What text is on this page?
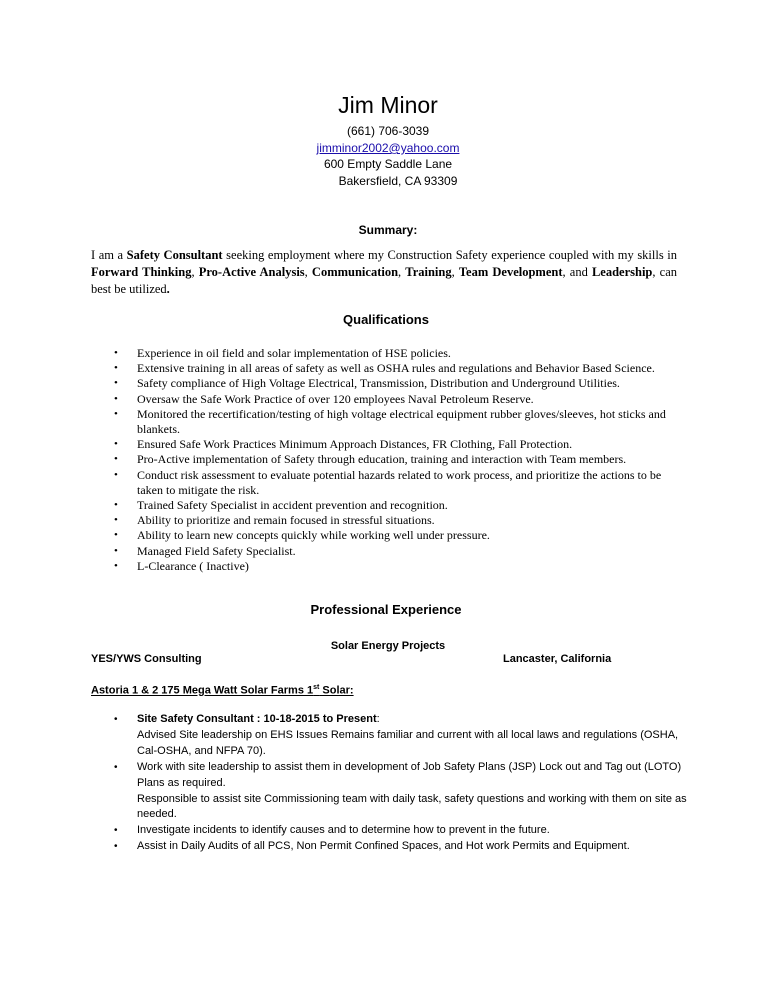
Jim Minor
(661) 706-3039
jimminor2002@yahoo.com
600 Empty Saddle Lane
Bakersfield, CA 93309
Summary:
I am a Safety Consultant seeking employment where my Construction Safety experience coupled with my skills in Forward Thinking, Pro-Active Analysis, Communication, Training, Team Development, and Leadership, can best be utilized.
Qualifications
• Experience in oil field and solar implementation of HSE policies.
• Extensive training in all areas of safety as well as OSHA rules and regulations and Behavior Based Science.
• Safety compliance of High Voltage Electrical, Transmission, Distribution and Underground Utilities.
• Oversaw the Safe Work Practice of over 120 employees Naval Petroleum Reserve.
• Monitored the recertification/testing of high voltage electrical equipment rubber gloves/sleeves, hot sticks and blankets.
• Ensured Safe Work Practices Minimum Approach Distances, FR Clothing, Fall Protection.
• Pro-Active implementation of Safety through education, training and interaction with Team members.
• Conduct risk assessment to evaluate potential hazards related to work process, and prioritize the actions to be taken to mitigate the risk.
• Trained Safety Specialist in accident prevention and recognition.
• Ability to prioritize and remain focused in stressful situations.
• Ability to learn new concepts quickly while working well under pressure.
• Managed Field Safety Specialist.
• L-Clearance ( Inactive)
Professional Experience
Solar Energy Projects
YES/YWS Consulting	Lancaster, California
Astoria 1 & 2 175 Mega Watt Solar Farms 1st Solar:
• Site Safety Consultant : 10-18-2015 to Present:

Advised Site leadership on EHS Issues Remains familiar and current with all local laws and regulations (OSHA, Cal-OSHA, and NFPA 70).

• Work with site leadership to assist them in development of Job Safety Plans (JSP) Lock out and Tag out (LOTO) Plans as required.

Responsible to assist site Commissioning team with daily task, safety questions and working with them on site as needed.

• Investigate incidents to identify causes and to determine how to prevent in the future.

• Assist in Daily Audits of all PCS, Non Permit Confined Spaces, and Hot work Permits and Equipment.
